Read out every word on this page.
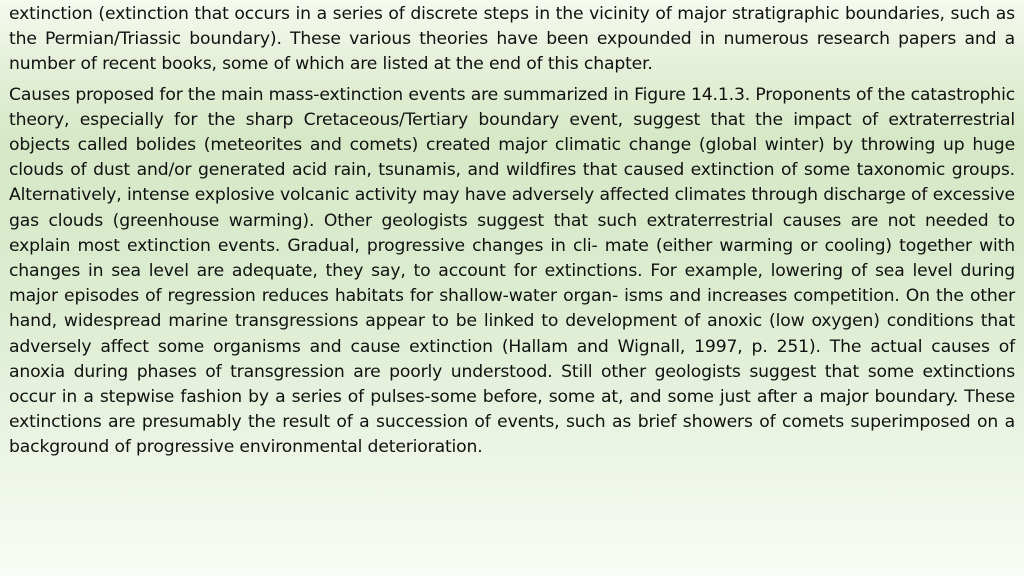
extinction (extinction that occurs in a series of discrete steps in the vicinity of major stratigraphic boundaries, such as the Permian/Triassic boundary). These various theories have been expounded in numerous research papers and a number of recent books, some of which are listed at the end of this chapter.

Causes proposed for the main mass-extinction events are summarized in Figure 14.1.3. Proponents of the catastrophic theory, especially for the sharp Cretaceous/Tertiary boundary event, suggest that the impact of extraterrestrial objects called bolides (meteorites and comets) created major climatic change (global winter) by throwing up huge clouds of dust and/or generated acid rain, tsunamis, and wildfires that caused extinction of some taxonomic groups. Alternatively, intense explosive volcanic activity may have adversely affected climates through discharge of excessive gas clouds (greenhouse warming). Other geologists suggest that such extraterrestrial causes are not needed to explain most extinction events. Gradual, progressive changes in cli- mate (either warming or cooling) together with changes in sea level are adequate, they say, to account for extinctions. For example, lowering of sea level during major episodes of regression reduces habitats for shallow-water organ- isms and increases competition. On the other hand, widespread marine transgressions appear to be linked to development of anoxic (low oxygen) conditions that adversely affect some organisms and cause extinction (Hallam and Wignall, 1997, p. 251). The actual causes of anoxia during phases of transgression are poorly understood. Still other geologists suggest that some extinctions occur in a stepwise fashion by a series of pulses-some before, some at, and some just after a major boundary. These extinctions are presumably the result of a succession of events, such as brief showers of comets superimposed on a background of progressive environmental deterioration.
